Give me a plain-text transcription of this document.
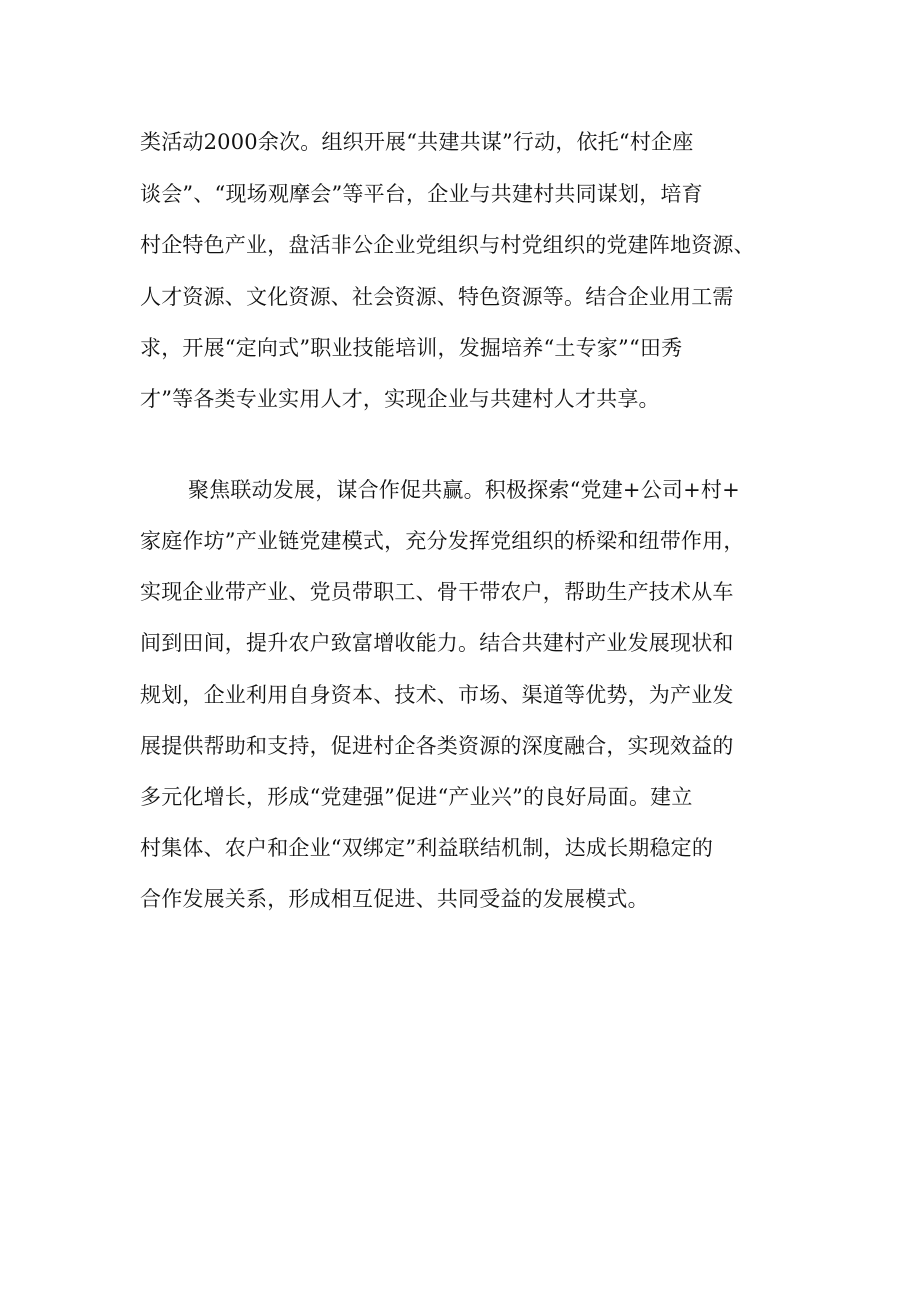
类活动2000余次。组织开展“共建共谋”行动，依托“村企座
谈会”、“现场观摩会”等平台，企业与共建村共同谋划，培育
村企特色产业，盘活非公企业党组织与村党组织的党建阵地资源、
人才资源、文化资源、社会资源、特色资源等。结合企业用工需
求，开展“定向式”职业技能培训，发掘培养“土专家”“田秀
才”等各类专业实用人才，实现企业与共建村人才共享。
聚焦联动发展，谋合作促共赢。积极探索“党建+公司+村+
家庭作坊”产业链党建模式，充分发挥党组织的桥梁和纽带作用，
实现企业带产业、党员带职工、骨干带农户，帮助生产技术从车
间到田间，提升农户致富增收能力。结合共建村产业发展现状和
规划，企业利用自身资本、技术、市场、渠道等优势，为产业发
展提供帮助和支持，促进村企各类资源的深度融合，实现效益的
多元化增长，形成“党建强”促进“产业兴”的良好局面。建立
村集体、农户和企业“双绑定”利益联结机制，达成长期稳定的
合作发展关系，形成相互促进、共同受益的发展模式。
